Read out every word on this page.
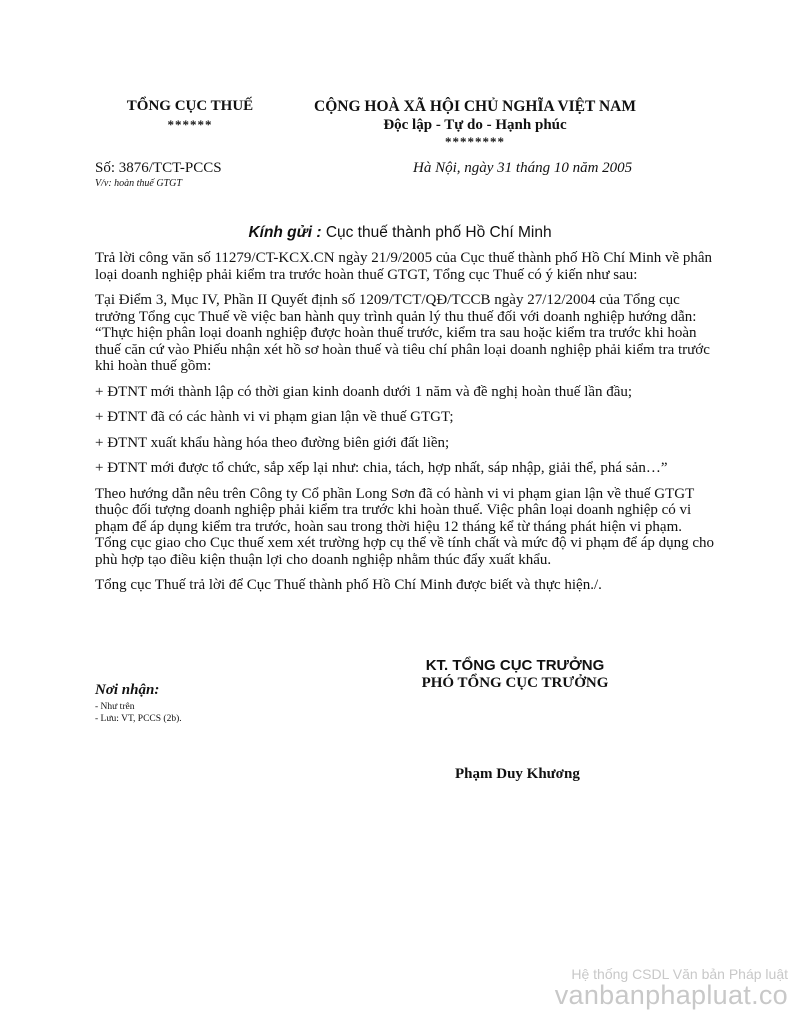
TỔNG CỤC THUẾ
******
CỘNG HOÀ XÃ HỘI CHỦ NGHĨA VIỆT NAM
Độc lập - Tự do - Hạnh phúc
********
Số: 3876/TCT-PCCS
V/v: hoàn thuế GTGT
Hà Nội, ngày 31 tháng 10 năm 2005
Kính gửi : Cục thuế thành phố Hồ Chí Minh

Trả lời công văn số 11279/CT-KCX.CN ngày 21/9/2005 của Cục thuế thành phố Hồ Chí Minh về phân loại doanh nghiệp phải kiểm tra trước hoàn thuế GTGT, Tổng cục Thuế có ý kiến như sau:

Tại Điểm 3, Mục IV, Phần II Quyết định số 1209/TCT/QĐ/TCCB ngày 27/12/2004 của Tổng cục trưởng Tổng cục Thuế về việc ban hành quy trình quản lý thu thuế đối với doanh nghiệp hướng dẫn: “Thực hiện phân loại doanh nghiệp được hoàn thuế trước, kiểm tra sau hoặc kiểm tra trước khi hoàn thuế căn cứ vào Phiếu nhận xét hồ sơ hoàn thuế và tiêu chí phân loại doanh nghiệp phải kiểm tra trước khi hoàn thuế gồm:

+ ĐTNT mới thành lập có thời gian kinh doanh dưới 1 năm và đề nghị hoàn thuế lần đầu;

+ ĐTNT đã có các hành vi vi phạm gian lận về thuế GTGT;

+ ĐTNT xuất khẩu hàng hóa theo đường biên giới đất liền;

+ ĐTNT mới được tổ chức, sắp xếp lại như: chia, tách, hợp nhất, sáp nhập, giải thể, phá sản…”

Theo hướng dẫn nêu trên Công ty Cổ phần Long Sơn đã có hành vi vi phạm gian lận về thuế GTGT thuộc đối tượng doanh nghiệp phải kiểm tra trước khi hoàn thuế. Việc phân loại doanh nghiệp có vi phạm để áp dụng kiểm tra trước, hoàn sau trong thời hiệu 12 tháng kể từ tháng phát hiện vi phạm. Tổng cục giao cho Cục thuế xem xét trường hợp cụ thể về tính chất và mức độ vi phạm để áp dụng cho phù hợp tạo điều kiện thuận lợi cho doanh nghiệp nhằm thúc đẩy xuất khẩu.

Tổng cục Thuế trả lời để Cục Thuế thành phố Hồ Chí Minh được biết và thực hiện./.

KT. TỔNG CỤC TRƯỞNG
PHÓ TỔNG CỤC TRƯỞNG
Nơi nhận:
- Như trên
- Lưu: VT, PCCS (2b).
Phạm Duy Khương
Hệ thống CSDL Văn bản Pháp luật
vanbanphapluat.co
